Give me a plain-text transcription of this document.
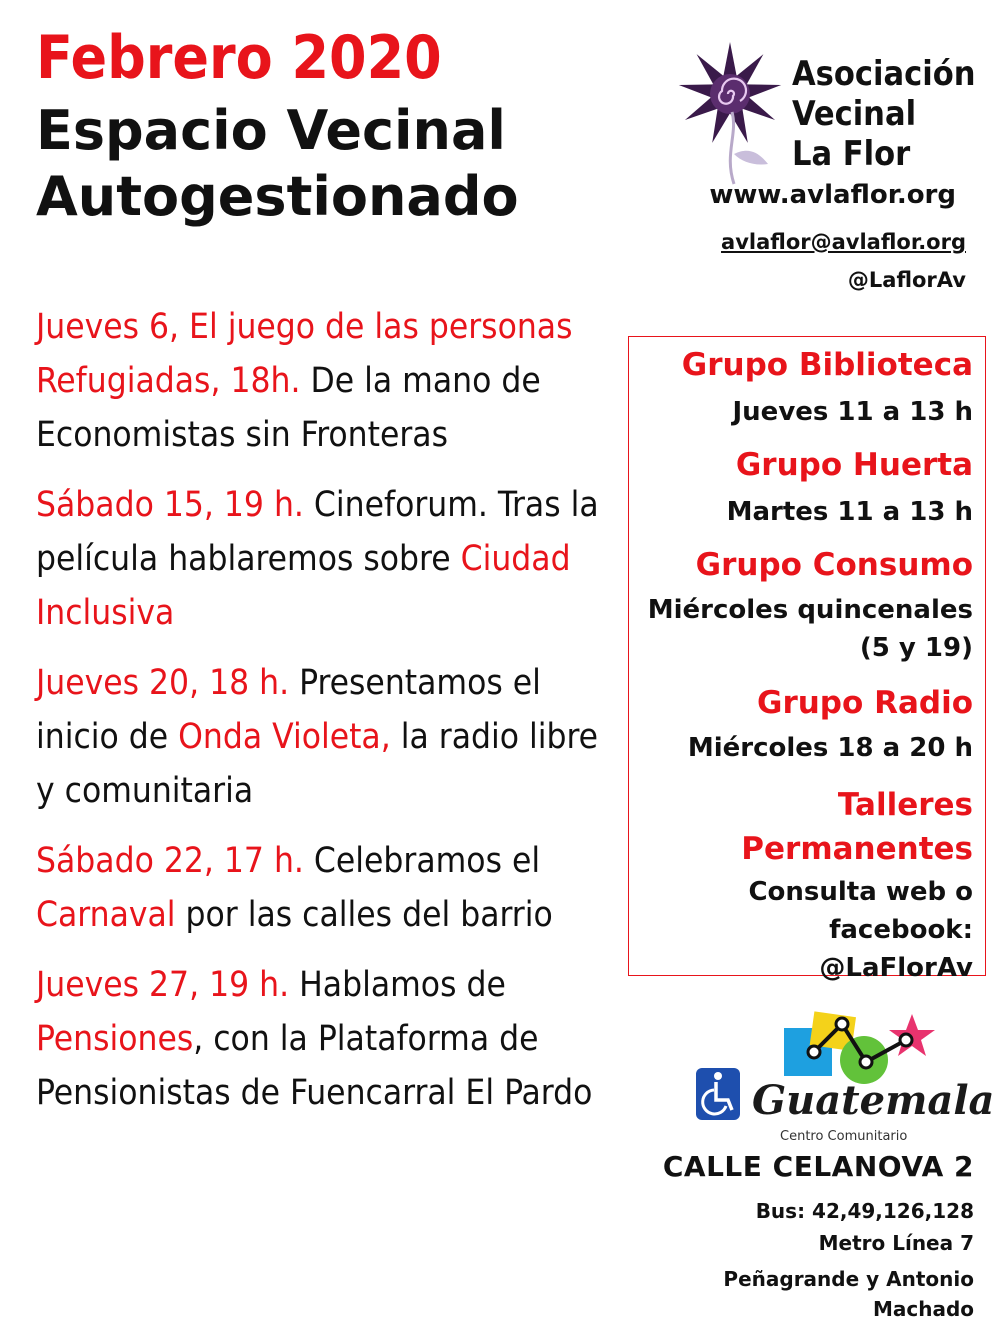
Febrero 2020
Espacio Vecinal
Autogestionado

Jueves 6, El juego de las personas Refugiadas, 18h. De la mano de Economistas sin Fronteras

Sábado 15, 19 h. Cineforum. Tras la película hablaremos sobre Ciudad Inclusiva

Jueves 20, 18 h. Presentamos el inicio de Onda Violeta, la radio libre y comunitaria

Sábado 22, 17 h. Celebramos el Carnaval por las calles del barrio

Jueves 27, 19 h. Hablamos de Pensiones, con la Plataforma de Pensionistas de Fuencarral El Pardo

Asociación
Vecinal
La Flor
www.avlaflor.org
avlaflor@avlaflor.org
@LaflorAv
Grupo Biblioteca
Jueves 11 a 13 h
Grupo Huerta
Martes 11 a 13 h
Grupo Consumo
Miércoles quincenales (5 y 19)
Grupo Radio
Miércoles 18 a 20 h
Talleres Permanentes
Consulta web o facebook: @LaFlorAv
Guatemala
Centro Comunitario
CALLE CELANOVA 2
Bus: 42,49,126,128
Metro Línea 7
Peñagrande y Antonio Machado
